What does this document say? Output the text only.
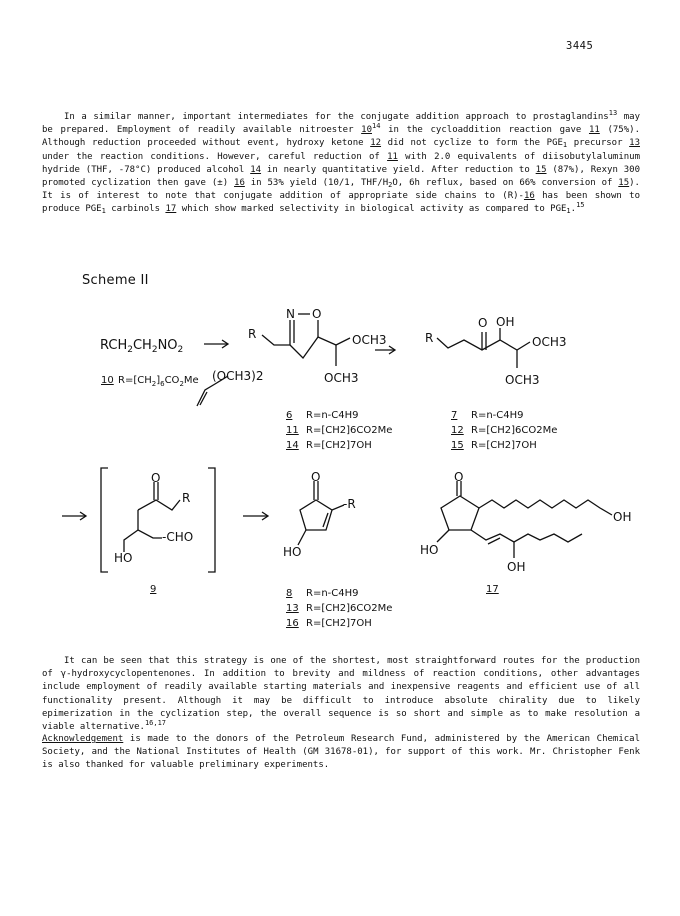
3445
In a similar manner, important intermediates for the conjugate addition approach to prostaglandins$^{13}$ may be prepared. Employment of readily available nitroester $10^{14}$ in the cycloaddition reaction gave 11 (75%). Although reduction proceeded without event, hydroxy ketone 12 did not cyclize to form the $PGE_1$ precursor 13 under the reaction conditions. However, careful reduction of 11 with 2.0 equivalents of diisobutylaluminum hydride (THF, -78°C) produced alcohol 14 in nearly quantitative yield. After reduction to 15 (87%), Rexyn 300 promoted cyclization then gave (±) 16 in 53% yield (10/1, THF/$H_2O$, 6h reflux, based on 66% conversion of 15). It is of interest to note that conjugate addition of appropriate side chains to (R)-16 has been shown to produce $PGE_1$ carbinols 17 which show marked selectivity in biological activity as compared to $PGE_1.^{15}$
Scheme II
$RCH_2CH_2NO_2$
(OCH3)2
R
N O
OCH3
OCH3
R
O OH
OCH3
OCH3
O
R
-CHO
HO
O
-R
HO
O
OH
HO
OH
10 $R=[CH_2]_6CO_2Me$
9	17
6 R=n-C4H9
11 R=[CH2]6CO2Me
14 R=[CH2]7OH
7 R=n-C4H9
12 R=[CH2]6CO2Me
15 R=[CH2]7OH
8 R=n-C4H9
13 R=[CH2]6CO2Me
16 R=[CH2]7OH
It can be seen that this strategy is one of the shortest, most straightforward routes for the production of γ-hydroxycyclopentenones. In addition to brevity and mildness of reaction conditions, other advantages include employment of readily available starting materials and inexpensive reagents and efficient use of all functionality present. Although it may be difficult to introduce absolute chirality due to likely epimerization in the cyclization step, the overall sequence is so short and simple as to make resolution a viable alternative.$^{16,17}$
Acknowledgement is made to the donors of the Petroleum Research Fund, administered by the American Chemical Society, and the National Institutes of Health (GM 31678-01), for support of this work. Mr. Christopher Fenk is also thanked for valuable preliminary experiments.
